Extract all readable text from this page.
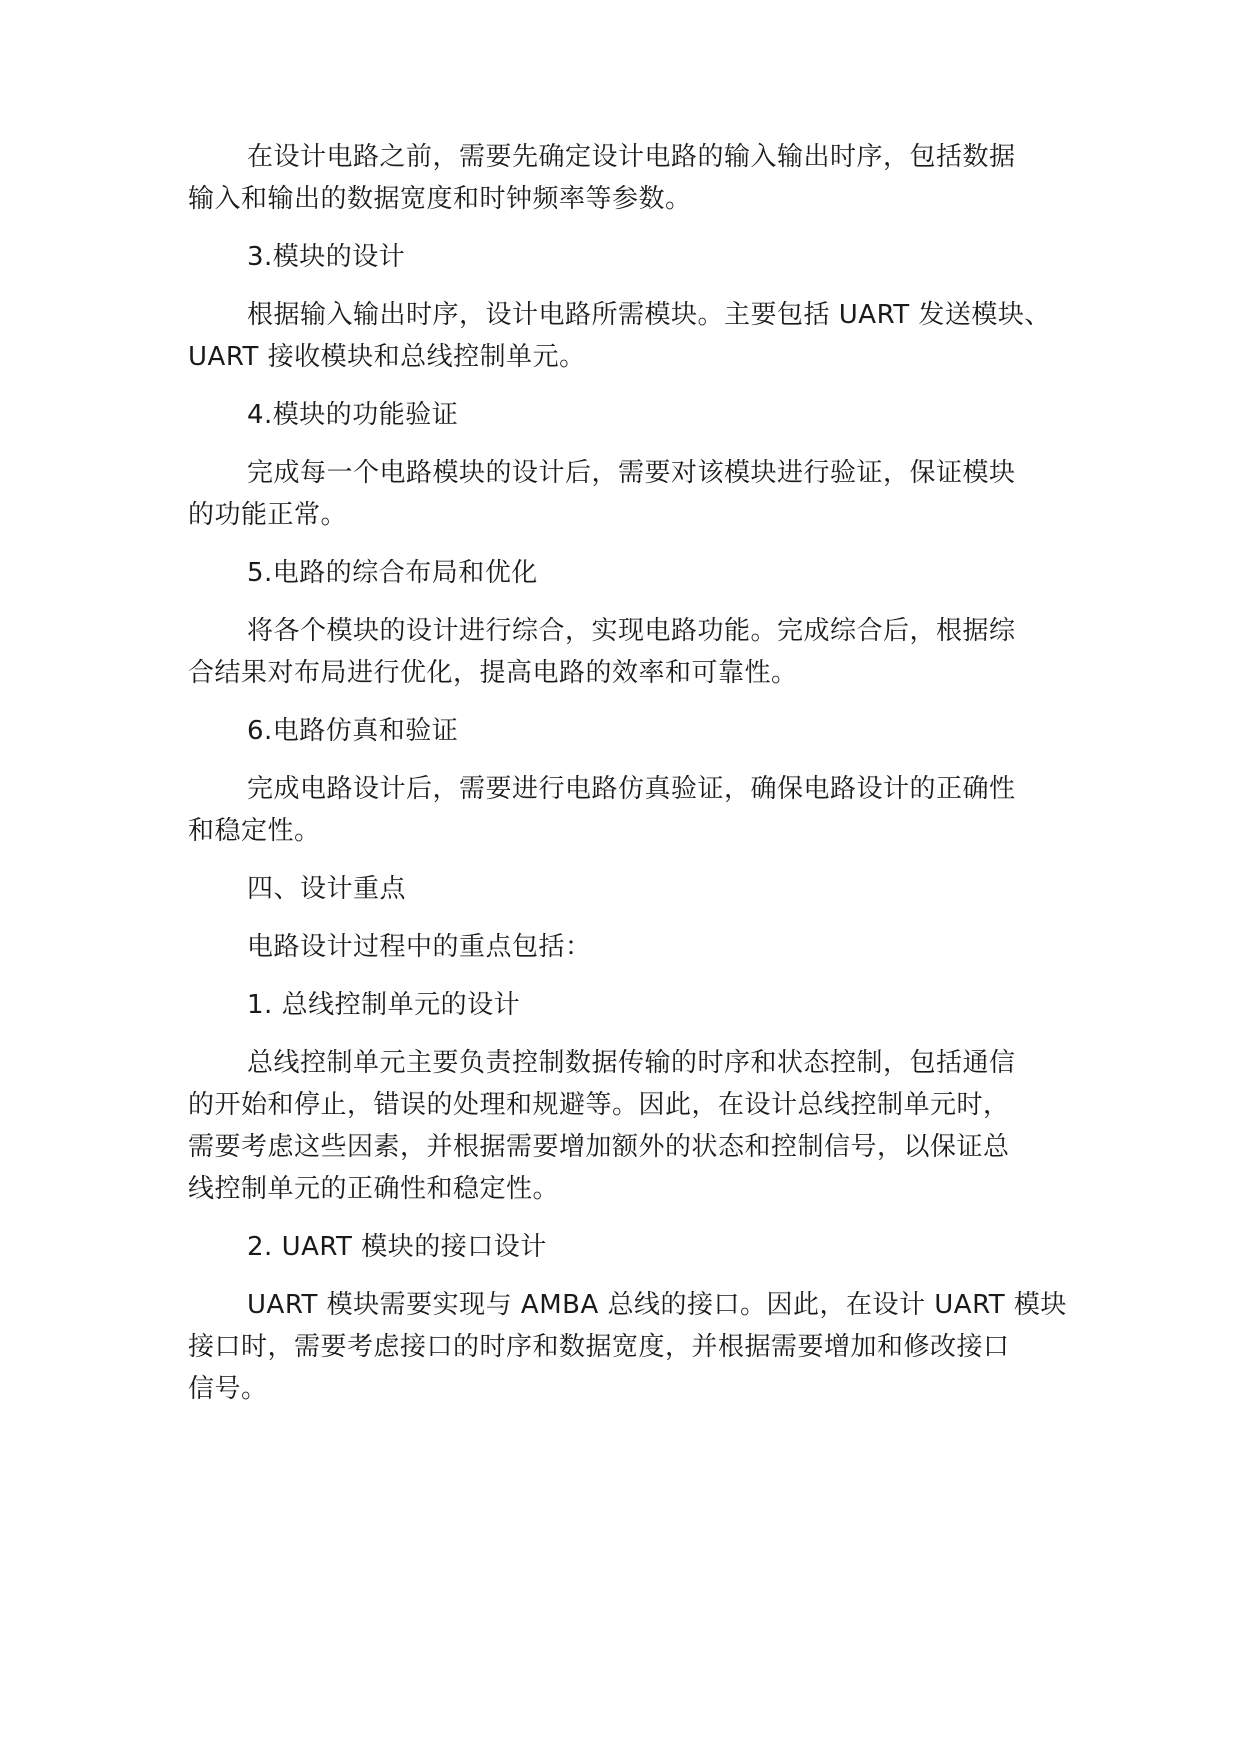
在设计电路之前，需要先确定设计电路的输入输出时序，包括数据
输入和输出的数据宽度和时钟频率等参数。
3.模块的设计
根据输入输出时序，设计电路所需模块。主要包括 UART 发送模块、
UART 接收模块和总线控制单元。
4.模块的功能验证
完成每一个电路模块的设计后，需要对该模块进行验证，保证模块
的功能正常。
5.电路的综合布局和优化
将各个模块的设计进行综合，实现电路功能。完成综合后，根据综
合结果对布局进行优化，提高电路的效率和可靠性。
6.电路仿真和验证
完成电路设计后，需要进行电路仿真验证，确保电路设计的正确性
和稳定性。
四、设计重点
电路设计过程中的重点包括：
1. 总线控制单元的设计
总线控制单元主要负责控制数据传输的时序和状态控制，包括通信
的开始和停止，错误的处理和规避等。因此，在设计总线控制单元时，
需要考虑这些因素，并根据需要增加额外的状态和控制信号，以保证总
线控制单元的正确性和稳定性。
2. UART 模块的接口设计
UART 模块需要实现与 AMBA 总线的接口。因此，在设计 UART 模块
接口时，需要考虑接口的时序和数据宽度，并根据需要增加和修改接口
信号。
